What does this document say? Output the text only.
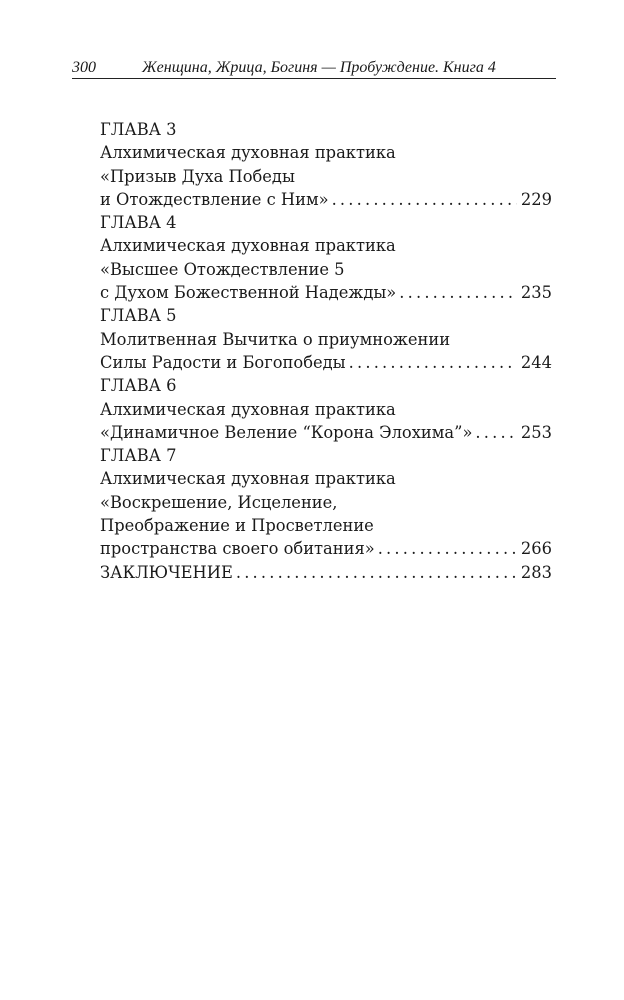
300	Женщина, Жрица, Богиня — Пробуждение. Книга 4
ГЛАВА 3
Алхимическая духовная практика
«Призыв Духа Победы
и Отождествление с Ним» . . .	229
ГЛАВА 4
Алхимическая духовная практика
«Высшее Отождествление 5
с Духом Божественной Надежды» . . .	235
ГЛАВА 5
Молитвенная Вычитка о приумножении
Силы Радости и Богопобеды . . .	244
ГЛАВА 6
Алхимическая духовная практика
«Динамичное Веление “Корона Элохима”» . . .	253
ГЛАВА 7
Алхимическая духовная практика
«Воскрешение, Исцеление,
Преображение и Просветление
пространства своего обитания» . . .	266
ЗАКЛЮЧЕНИЕ . . .	283
